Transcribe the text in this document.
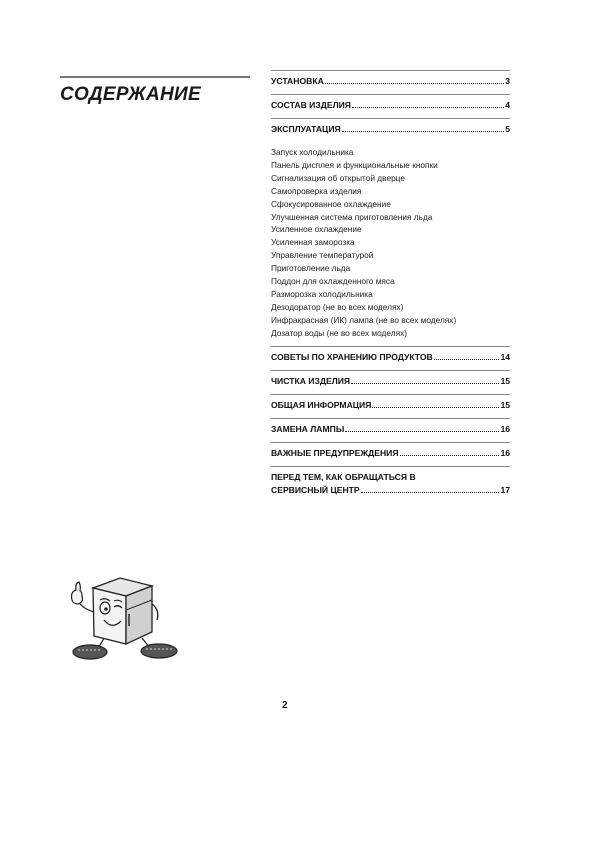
СОДЕРЖАНИЕ
УСТАНОВКА	3
СОСТАВ ИЗДЕЛИЯ	4
ЭКСПЛУАТАЦИЯ	5
Запуск холодильника
Панель дисплея и функциональные кнопки
Сигнализация об открытой дверце
Самопроверка изделия
Сфокусированное охлаждение
Улучшенная система приготовления льда
Усиленное охлаждение
Усиленная заморозка
Управление температурой
Приготовление льда
Поддон для охлажденного мяса
Разморозка холодильника
Дезодоратор (не во всех моделях)
Инфракрасная (ИК) лампа (не во всех моделях)
Дозатор воды (не во всех моделях)
СОВЕТЫ ПО ХРАНЕНИЮ ПРОДУКТОВ	14
ЧИСТКА ИЗДЕЛИЯ	15
ОБЩАЯ ИНФОРМАЦИЯ	15
ЗАМЕНА ЛАМПЫ	16
ВАЖНЫЕ ПРЕДУПРЕЖДЕНИЯ	16
ПЕРЕД ТЕМ, КАК ОБРАЩАТЬСЯ В
СЕРВИСНЫЙ ЦЕНТР	17
2
